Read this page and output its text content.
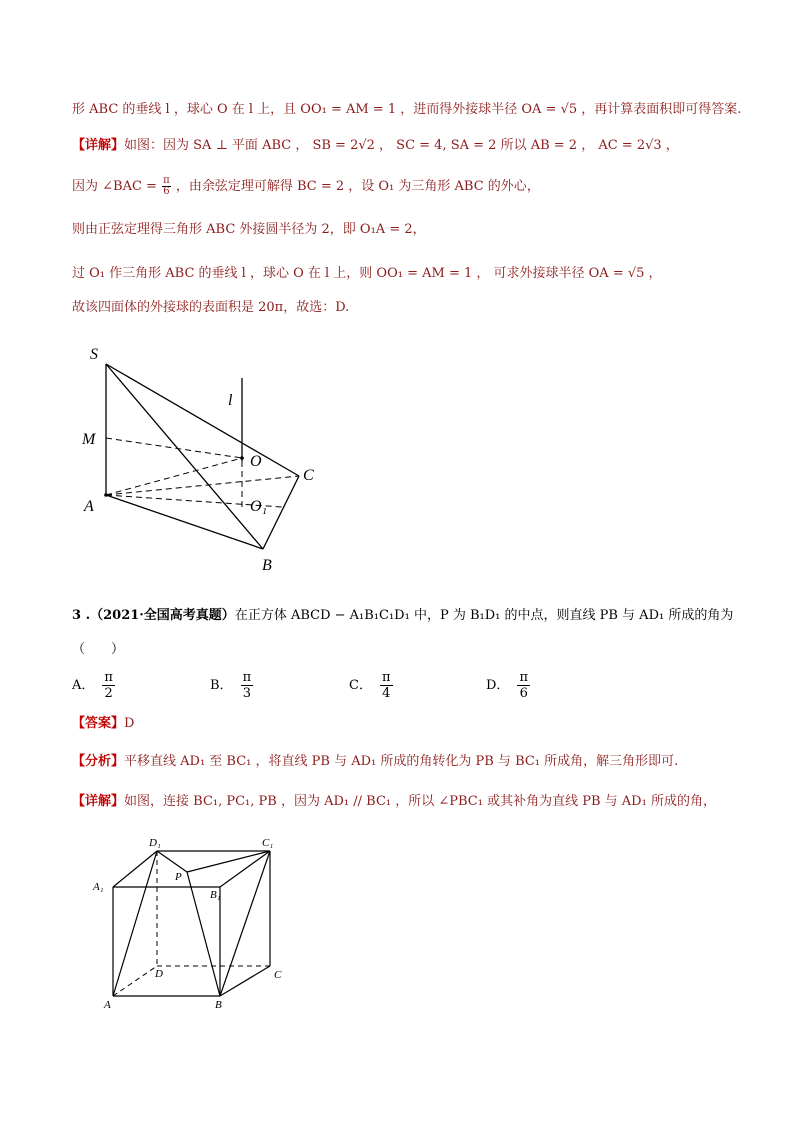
形 ABC 的垂线 l ，球心 O 在 l 上，且 OO₁ = AM = 1 ，进而得外接球半径 OA = √5 ，再计算表面积即可得答案.
【详解】如图：因为 SA ⊥ 平面 ABC ， SB = 2√2 ， SC = 4, SA = 2 所以 AB = 2 ， AC = 2√3 ，
因为 ∠BAC = $\frac{\pi}{6}$ ，由余弦定理可解得 BC = 2 ，设 O₁ 为三角形 ABC 的外心，
则由正弦定理得三角形 ABC 外接圆半径为 2，即 O₁A = 2，
过 O₁ 作三角形 ABC 的垂线 l ，球心 O 在 l 上，则 OO₁ = AM = 1 ， 可求外接球半径 OA = √5 ，
故该四面体的外接球的表面积是 20π，故选：D.
S
l
M
O
C
A	O₁
B
3 .（2021·全国高考真题）在正方体 ABCD − A₁B₁C₁D₁ 中，P 为 B₁D₁ 的中点，则直线 PB 与 AD₁ 所成的角为
（　　）
A． $\frac{\pi}{2}$	B． $\frac{\pi}{3}$	C． $\frac{\pi}{4}$	D． $\frac{\pi}{6}$
【答案】D
【分析】平移直线 AD₁ 至 BC₁ ，将直线 PB 与 AD₁ 所成的角转化为 PB 与 BC₁ 所成角，解三角形即可.
【详解】如图，连接 BC₁, PC₁, PB ，因为 AD₁ // BC₁ ，所以 ∠PBC₁ 或其补角为直线 PB 与 AD₁ 所成的角，
D₁	C₁
A₁
P
B₁
D	C
A	B
